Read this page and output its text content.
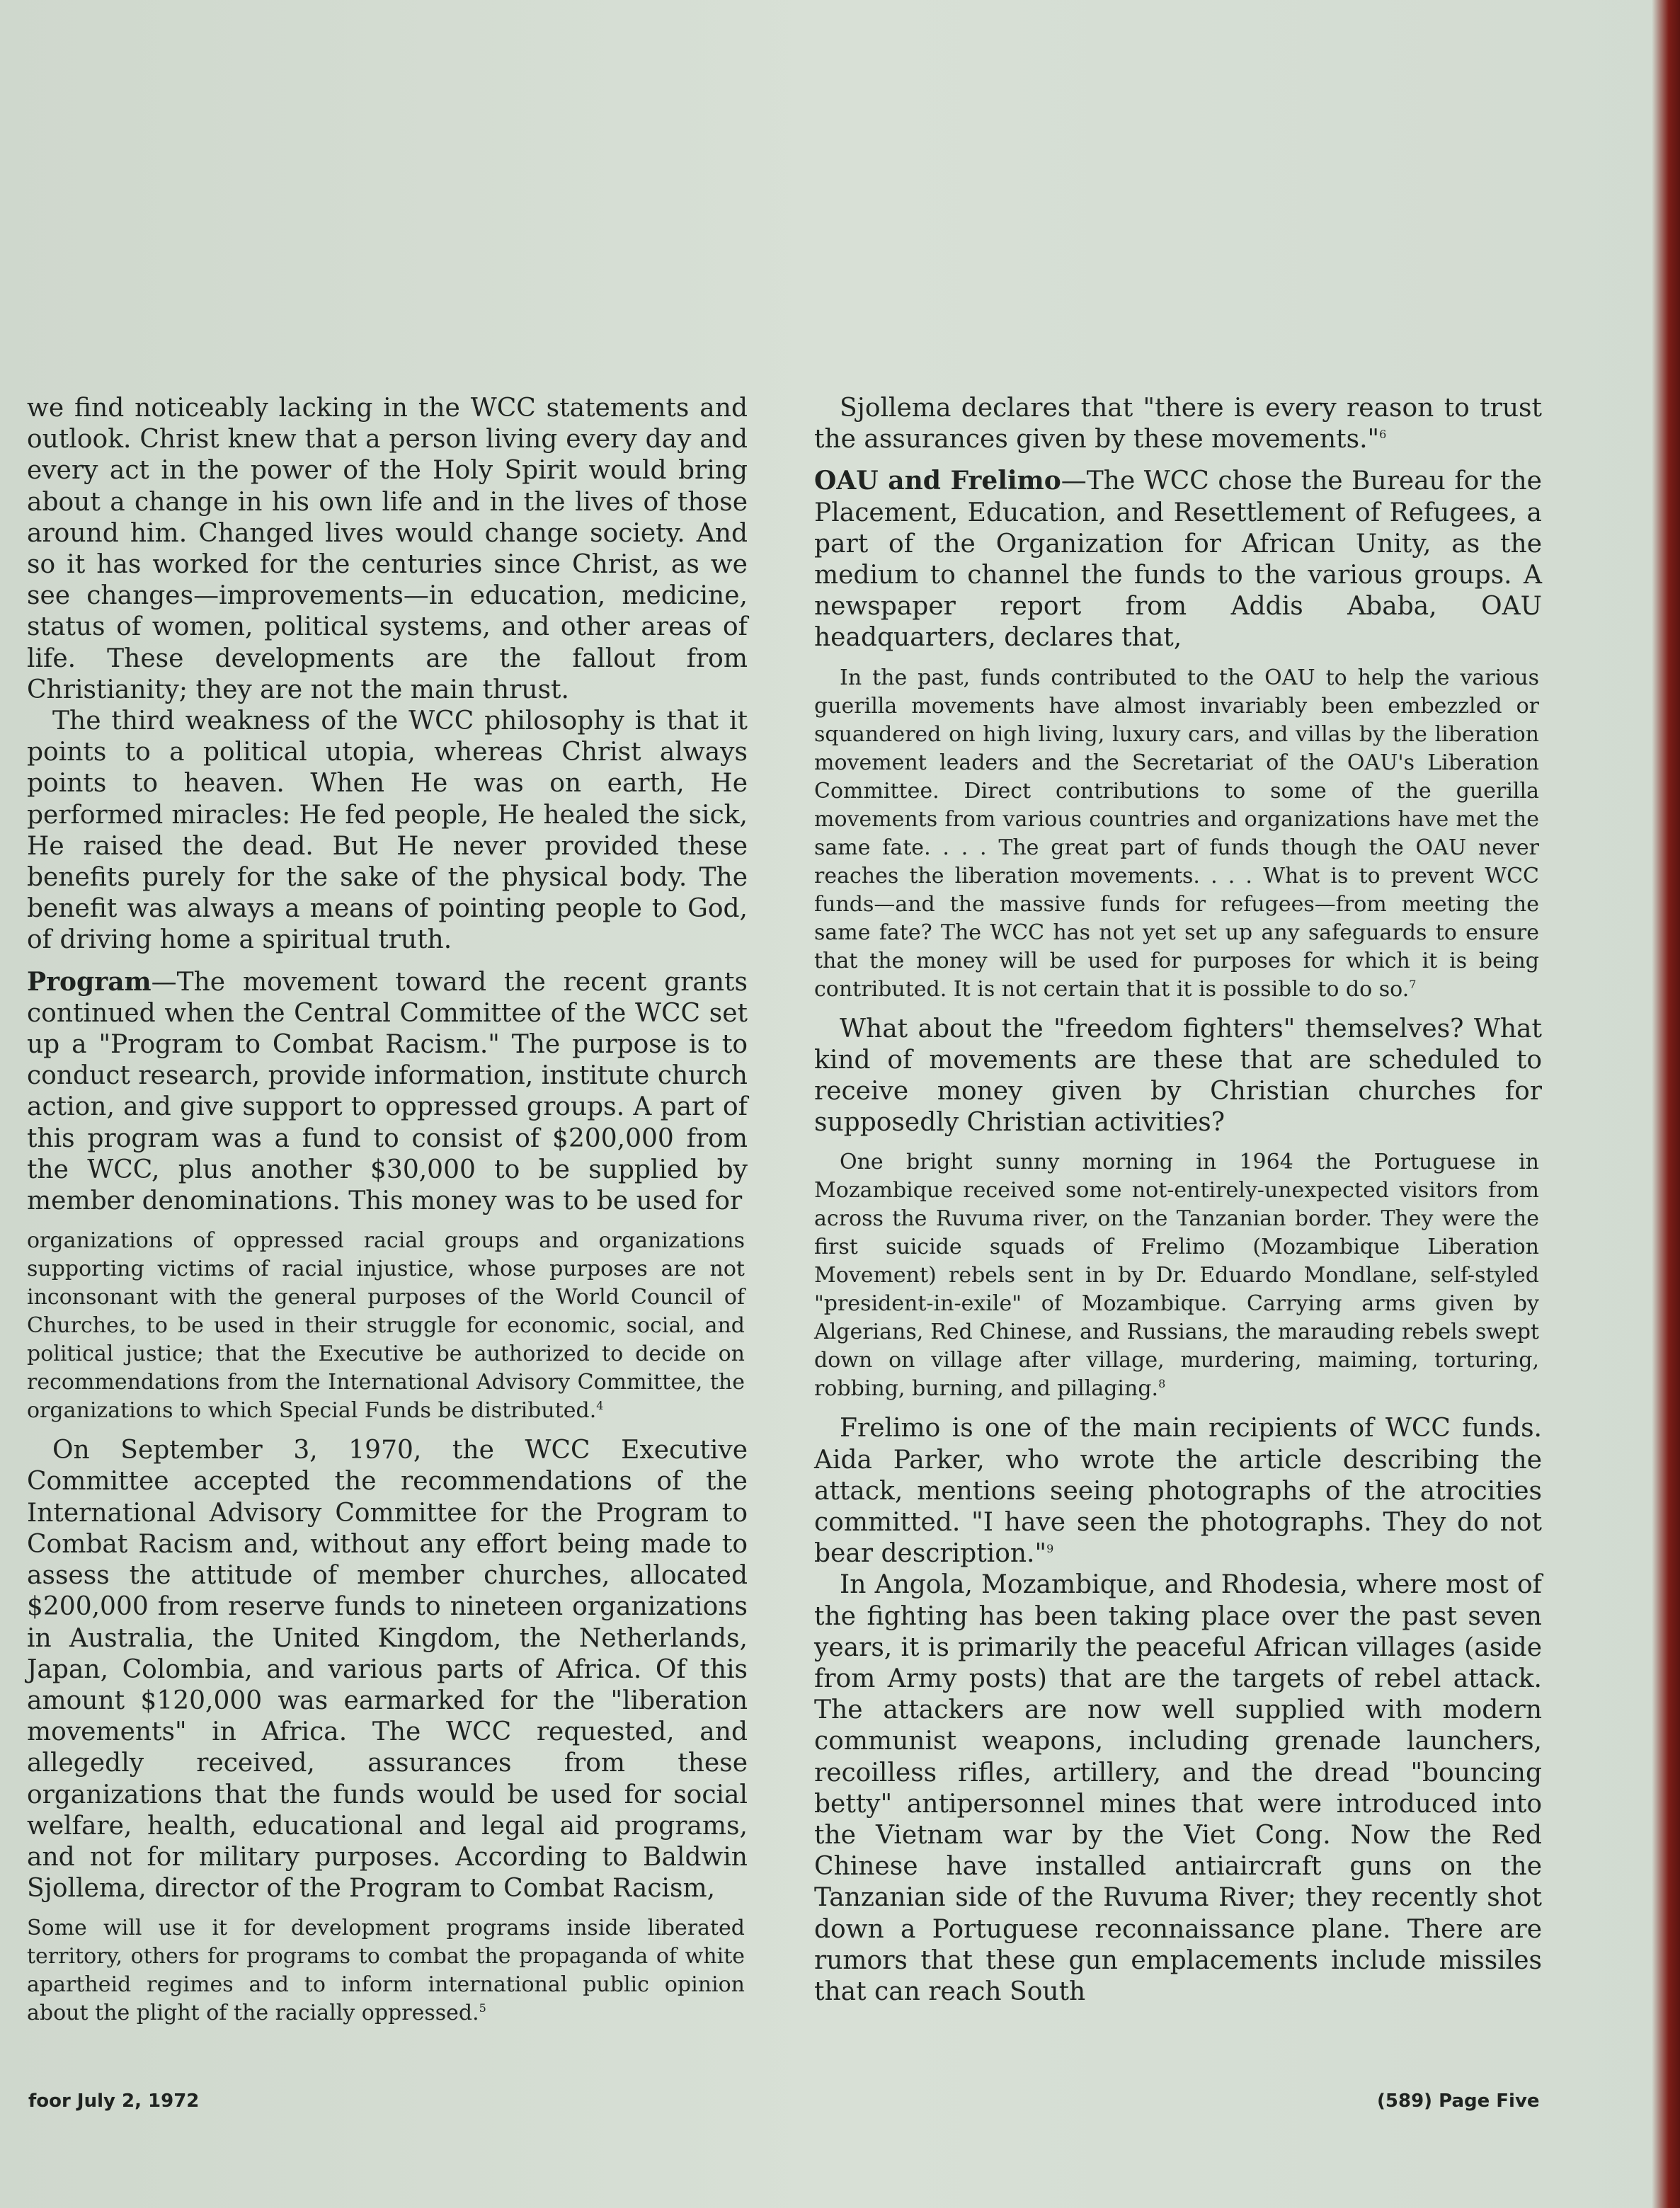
we find noticeably lacking in the WCC statements and outlook. Christ knew that a person living every day and every act in the power of the Holy Spirit would bring about a change in his own life and in the lives of those around him. Changed lives would change society. And so it has worked for the centuries since Christ, as we see changes—improvements—in education, medicine, status of women, political systems, and other areas of life. These developments are the fallout from Christianity; they are not the main thrust.

The third weakness of the WCC philosophy is that it points to a political utopia, whereas Christ always points to heaven. When He was on earth, He performed miracles: He fed people, He healed the sick, He raised the dead. But He never provided these benefits purely for the sake of the physical body. The benefit was always a means of pointing people to God, of driving home a spiritual truth.

Program—The movement toward the recent grants continued when the Central Committee of the WCC set up a "Program to Combat Racism." The purpose is to conduct research, provide information, institute church action, and give support to oppressed groups. A part of this program was a fund to consist of $200,000 from the WCC, plus another $30,000 to be supplied by member denominations. This money was to be used for

organizations of oppressed racial groups and organizations supporting victims of racial injustice, whose purposes are not inconsonant with the general purposes of the World Council of Churches, to be used in their struggle for economic, social, and political justice; that the Executive be authorized to decide on recommendations from the International Advisory Committee, the organizations to which Special Funds be distributed.$^4$

On September 3, 1970, the WCC Executive Committee accepted the recommendations of the International Advisory Committee for the Program to Combat Racism and, without any effort being made to assess the attitude of member churches, allocated $200,000 from reserve funds to nineteen organizations in Australia, the United Kingdom, the Netherlands, Japan, Colombia, and various parts of Africa. Of this amount $120,000 was earmarked for the "liberation movements" in Africa. The WCC requested, and allegedly received, assurances from these organizations that the funds would be used for social welfare, health, educational and legal aid programs, and not for military purposes. According to Baldwin Sjollema, director of the Program to Combat Racism,

Some will use it for development programs inside liberated territory, others for programs to combat the propaganda of white apartheid regimes and to inform international public opinion about the plight of the racially oppressed.$^5$

Sjollema declares that "there is every reason to trust the assurances given by these movements."$^6$

OAU and Frelimo—The WCC chose the Bureau for the Placement, Education, and Resettlement of Refugees, a part of the Organization for African Unity, as the medium to channel the funds to the various groups. A newspaper report from Addis Ababa, OAU headquarters, declares that,

In the past, funds contributed to the OAU to help the various guerilla movements have almost invariably been embezzled or squandered on high living, luxury cars, and villas by the liberation movement leaders and the Secretariat of the OAU's Liberation Committee. Direct contributions to some of the guerilla movements from various countries and organizations have met the same fate. . . . The great part of funds though the OAU never reaches the liberation movements. . . . What is to prevent WCC funds—and the massive funds for refugees—from meeting the same fate? The WCC has not yet set up any safeguards to ensure that the money will be used for purposes for which it is being contributed. It is not certain that it is possible to do so.$^7$

What about the "freedom fighters" themselves? What kind of movements are these that are scheduled to receive money given by Christian churches for supposedly Christian activities?

One bright sunny morning in 1964 the Portuguese in Mozambique received some not-entirely-unexpected visitors from across the Ruvuma river, on the Tanzanian border. They were the first suicide squads of Frelimo (Mozambique Liberation Movement) rebels sent in by Dr. Eduardo Mondlane, self-styled "president-in-exile" of Mozambique. Carrying arms given by Algerians, Red Chinese, and Russians, the marauding rebels swept down on village after village, murdering, maiming, torturing, robbing, burning, and pillaging.$^8$

Frelimo is one of the main recipients of WCC funds. Aida Parker, who wrote the article describing the attack, mentions seeing photographs of the atrocities committed. "I have seen the photographs. They do not bear description."$^9$

In Angola, Mozambique, and Rhodesia, where most of the fighting has been taking place over the past seven years, it is primarily the peaceful African villages (aside from Army posts) that are the targets of rebel attack. The attackers are now well supplied with modern communist weapons, including grenade launchers, recoilless rifles, artillery, and the dread "bouncing betty" antipersonnel mines that were introduced into the Vietnam war by the Viet Cong. Now the Red Chinese have installed antiaircraft guns on the Tanzanian side of the Ruvuma River; they recently shot down a Portuguese reconnaissance plane. There are rumors that these gun emplacements include missiles that can reach South

foor July 2, 1972	(589) Page Five
